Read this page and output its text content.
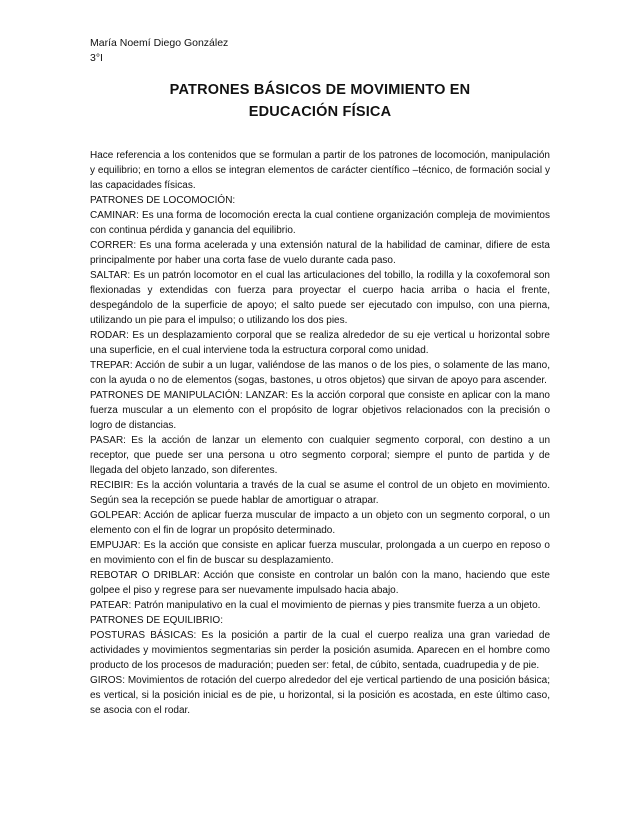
María Noemí Diego González
3°I
PATRONES BÁSICOS DE MOVIMIENTO EN
EDUCACIÓN FÍSICA

Hace referencia a los contenidos que se formulan a partir de los patrones de locomoción, manipulación y equilibrio; en torno a ellos se integran elementos de carácter científico –técnico, de formación social y las capacidades físicas.

PATRONES DE LOCOMOCIÓN:

CAMINAR: Es una forma de locomoción erecta la cual contiene organización compleja de movimientos con continua pérdida y ganancia del equilibrio.

CORRER: Es una forma acelerada y una extensión natural de la habilidad de caminar, difiere de esta principalmente por haber una corta fase de vuelo durante cada paso.

SALTAR: Es un patrón locomotor en el cual las articulaciones del tobillo, la rodilla y la coxofemoral son flexionadas y extendidas con fuerza para proyectar el cuerpo hacia arriba o hacia el frente, despegándolo de la superficie de apoyo; el salto puede ser ejecutado con impulso, con una pierna, utilizando un pie para el impulso; o utilizando los dos pies.

RODAR: Es un desplazamiento corporal que se realiza alrededor de su eje vertical u horizontal sobre una superficie, en el cual interviene toda la estructura corporal como unidad.

TREPAR: Acción de subir a un lugar, valiéndose de las manos o de los pies, o solamente de las mano, con la ayuda o no de elementos (sogas, bastones, u otros objetos) que sirvan de apoyo para ascender.

PATRONES DE MANIPULACIÓN: LANZAR: Es la acción corporal que consiste en aplicar con la mano fuerza muscular a un elemento con el propósito de lograr objetivos relacionados con la precisión o logro de distancias.

PASAR: Es la acción de lanzar un elemento con cualquier segmento corporal, con destino a un receptor, que puede ser una persona u otro segmento corporal; siempre el punto de partida y de llegada del objeto lanzado, son diferentes.

RECIBIR: Es la acción voluntaria a través de la cual se asume el control de un objeto en movimiento. Según sea la recepción se puede hablar de amortiguar o atrapar.

GOLPEAR: Acción de aplicar fuerza muscular de impacto a un objeto con un segmento corporal, o un elemento con el fin de lograr un propósito determinado.

EMPUJAR: Es la acción que consiste en aplicar fuerza muscular, prolongada a un cuerpo en reposo o en movimiento con el fin de buscar su desplazamiento.

REBOTAR O DRIBLAR: Acción que consiste en controlar un balón con la mano, haciendo que este golpee el piso y regrese para ser nuevamente impulsado hacia abajo.

PATEAR: Patrón manipulativo en la cual el movimiento de piernas y pies transmite fuerza a un objeto.

PATRONES DE EQUILIBRIO:

POSTURAS BÁSICAS: Es la posición a partir de la cual el cuerpo realiza una gran variedad de actividades y movimientos segmentarias sin perder la posición asumida. Aparecen en el hombre como producto de los procesos de maduración; pueden ser: fetal, de cúbito, sentada, cuadrupedia y de pie.

GIROS: Movimientos de rotación del cuerpo alrededor del eje vertical partiendo de una posición básica; es vertical, si la posición inicial es de pie, u horizontal, si la posición es acostada, en este último caso, se asocia con el rodar.
